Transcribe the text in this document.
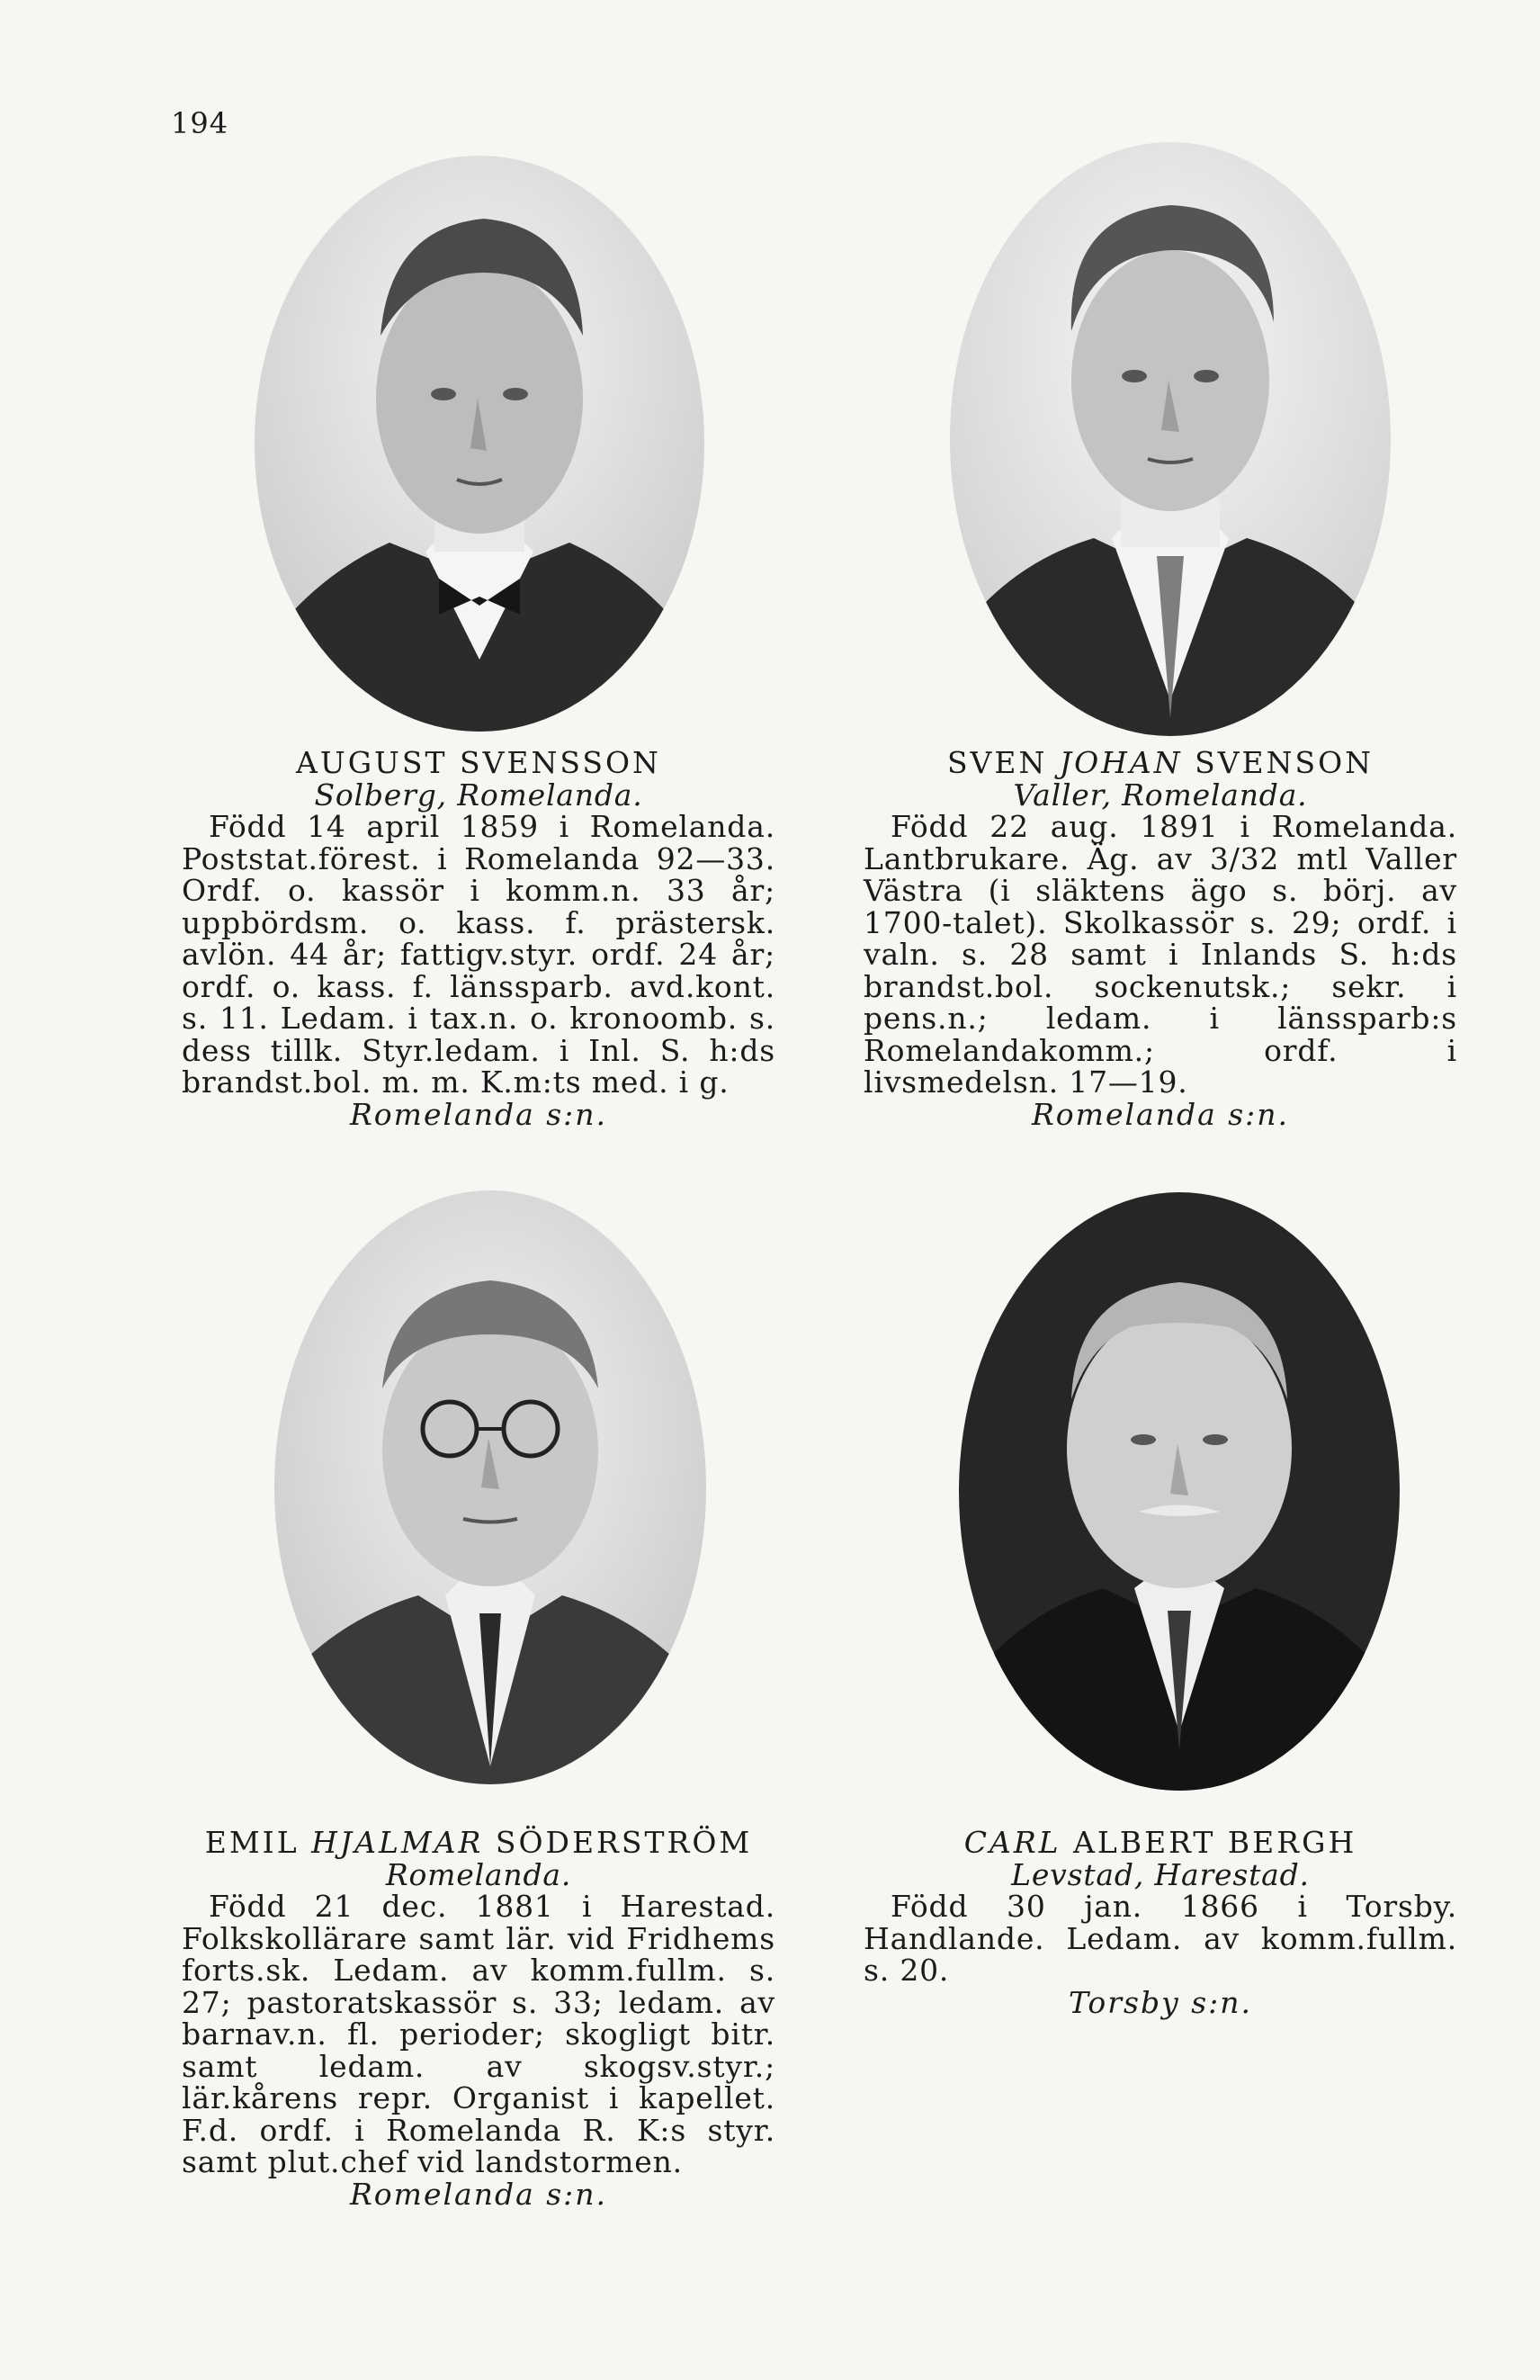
194
AUGUST SVENSSON
Solberg, Romelanda.
Född 14 april 1859 i Romelanda. Poststat.förest. i Romelanda 92—33. Ordf. o. kassör i komm.n. 33 år; uppbördsm. o. kass. f. prästersk. avlön. 44 år; fattigv.styr. ordf. 24 år; ordf. o. kass. f. länssparb. avd.kont. s. 11. Ledam. i tax.n. o. kronoomb. s. dess tillk. Styr.ledam. i Inl. S. h:ds brandst.bol. m. m. K.m:ts med. i g.
Romelanda s:n.
SVEN JOHAN SVENSON
Valler, Romelanda.
Född 22 aug. 1891 i Romelanda. Lantbrukare. Äg. av 3/32 mtl Valler Västra (i släktens ägo s. börj. av 1700-talet). Skolkassör s. 29; ordf. i valn. s. 28 samt i Inlands S. h:ds brandst.bol. sockenutsk.; sekr. i pens.n.; ledam. i länssparb:s Romelandakomm.; ordf. i livsmedelsn. 17—19.
Romelanda s:n.
EMIL HJALMAR SÖDERSTRÖM
Romelanda.
Född 21 dec. 1881 i Harestad. Folkskollärare samt lär. vid Fridhems forts.sk. Ledam. av komm.fullm. s. 27; pastoratskassör s. 33; ledam. av barnav.n. fl. perioder; skogligt bitr. samt ledam. av skogsv.styr.; lär.kårens repr. Organist i kapellet. F.d. ordf. i Romelanda R. K:s styr. samt plut.chef vid landstormen.
Romelanda s:n.
CARL ALBERT BERGH
Levstad, Harestad.
Född 30 jan. 1866 i Torsby. Handlande. Ledam. av komm.fullm. s. 20.
Torsby s:n.
